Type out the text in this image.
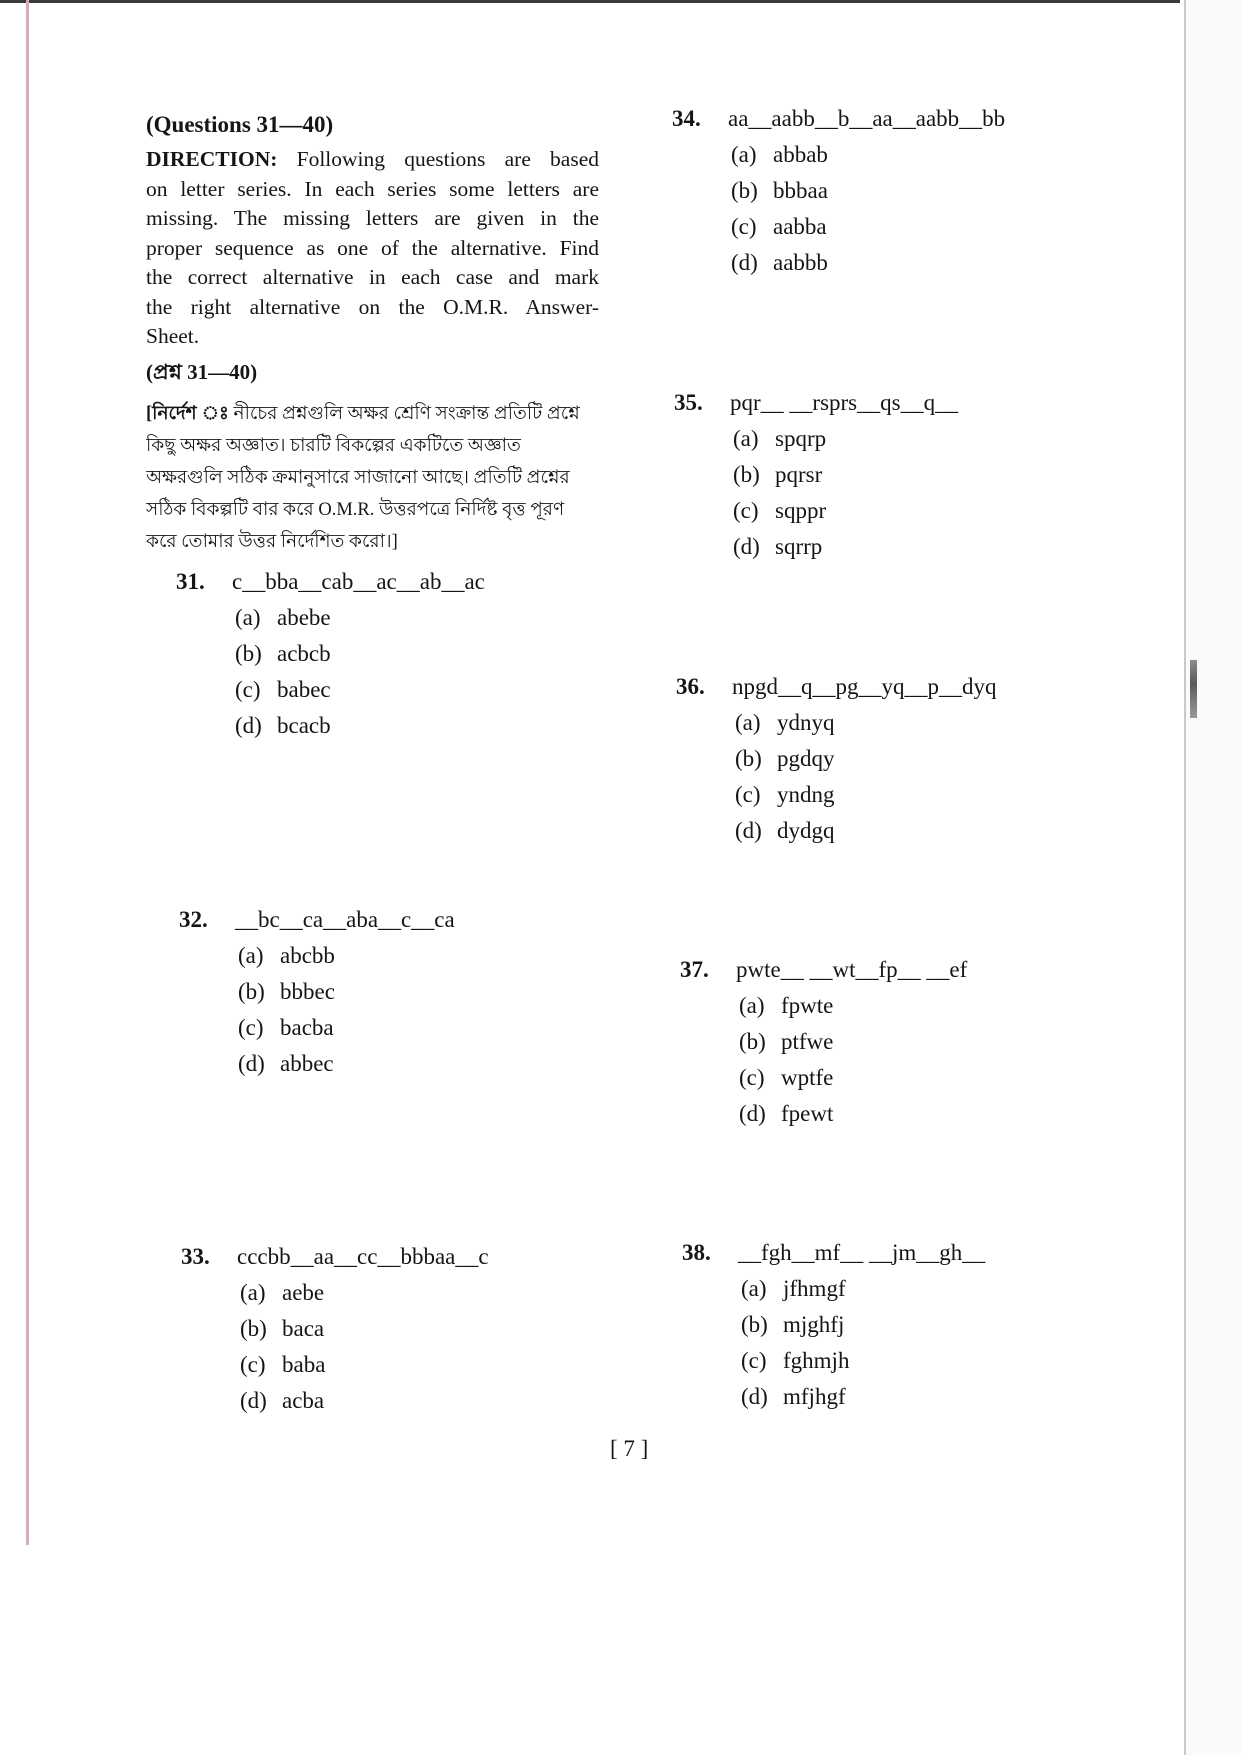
(Questions 31—40)
DIRECTION: Following questions are based
on letter series. In each series some letters are
missing. The missing letters are given in the
proper sequence as one of the alternative. Find
the correct alternative in each case and mark
the right alternative on the O.M.R. Answer-
Sheet.
(প্রশ্ন 31—40)
[নির্দেশ ঃ নীচের প্রশ্নগুলি অক্ষর শ্রেণি সংক্রান্ত প্রতিটি প্রশ্নে
কিছু অক্ষর অজ্ঞাত। চারটি বিকল্পের একটিতে অজ্ঞাত
অক্ষরগুলি সঠিক ক্রমানুসারে সাজানো আছে। প্রতিটি প্রশ্নের
সঠিক বিকল্পটি বার করে O.M.R. উত্তরপত্রে নির্দিষ্ট বৃত্ত পূরণ
করে তোমার উত্তর নির্দেশিত করো।]
31. c__bba__cab__ac__ab__ac
(a) abebe
(b) acbcb
(c) babec
(d) bcacb
32. __bc__ca__aba__c__ca
(a) abcbb
(b) bbbec
(c) bacba
(d) abbec
33. cccbb__aa__cc__bbbaa__c
(a) aebe
(b) baca
(c) baba
(d) acba
34. aa__aabb__b__aa__aabb__bb
(a) abbab
(b) bbbaa
(c) aabba
(d) aabbb
35. pqr__ __rsprs__qs__q__
(a) spqrp
(b) pqrsr
(c) sqppr
(d) sqrrp
36. npgd__q__pg__yq__p__dyq
(a) ydnyq
(b) pgdqy
(c) yndng
(d) dydgq
37. pwte__ __wt__fp__ __ef
(a) fpwte
(b) ptfwe
(c) wptfe
(d) fpewt
38. __fgh__mf__ __jm__gh__
(a) jfhmgf
(b) mjghfj
(c) fghmjh
(d) mfjhgf
[ 7 ]
